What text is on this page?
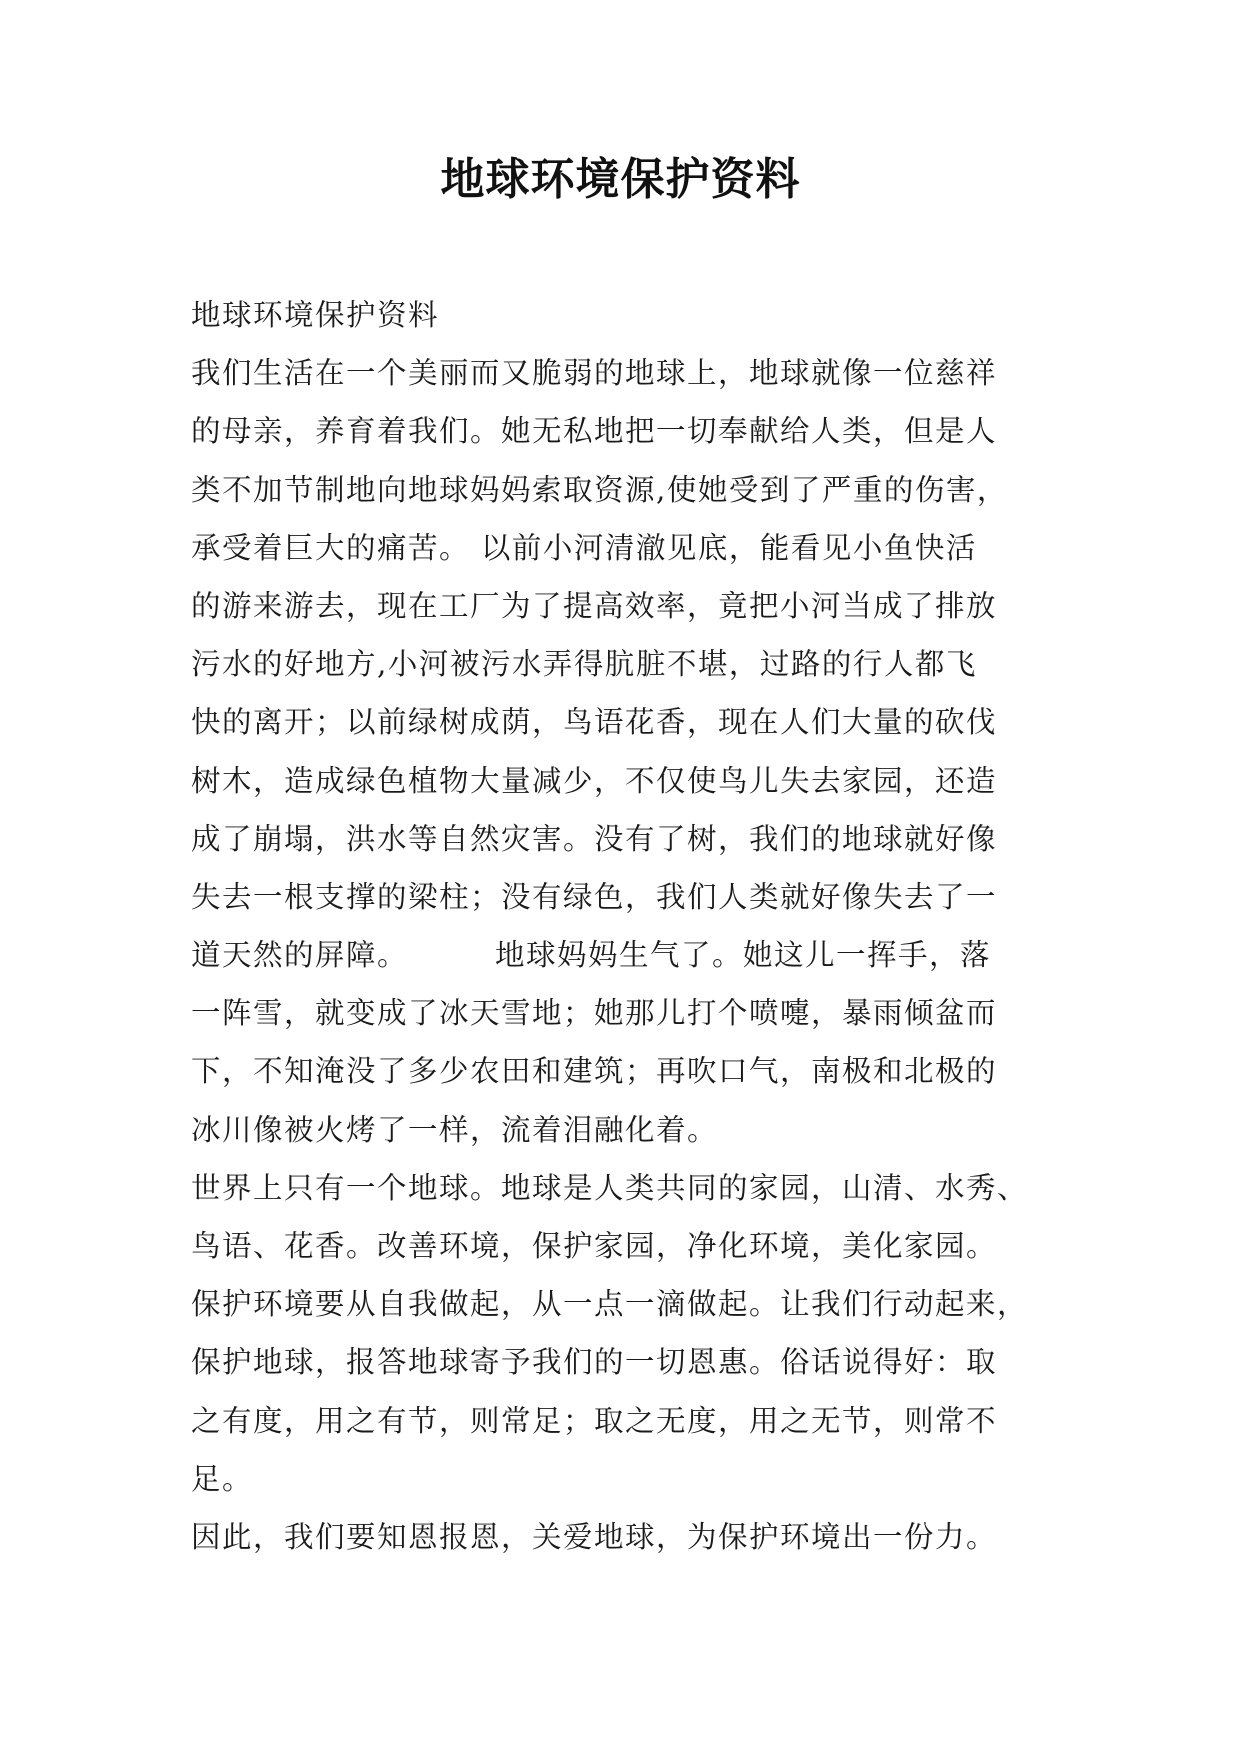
地球环境保护资料
地球环境保护资料
我们生活在一个美丽而又脆弱的地球上，地球就像一位慈祥
的母亲，养育着我们。她无私地把一切奉献给人类，但是人
类不加节制地向地球妈妈索取资源,使她受到了严重的伤害，
承受着巨大的痛苦。 以前小河清澈见底，能看见小鱼快活
的游来游去，现在工厂为了提高效率，竟把小河当成了排放
污水的好地方,小河被污水弄得肮脏不堪，过路的行人都飞
快的离开；以前绿树成荫，鸟语花香，现在人们大量的砍伐
树木，造成绿色植物大量减少，不仅使鸟儿失去家园，还造
成了崩塌，洪水等自然灾害。没有了树，我们的地球就好像
失去一根支撑的梁柱；没有绿色，我们人类就好像失去了一
道天然的屏障。        地球妈妈生气了。她这儿一挥手，落
一阵雪，就变成了冰天雪地；她那儿打个喷嚏，暴雨倾盆而
下，不知淹没了多少农田和建筑；再吹口气，南极和北极的
冰川像被火烤了一样，流着泪融化着。
世界上只有一个地球。地球是人类共同的家园，山清、水秀、
鸟语、花香。改善环境，保护家园，净化环境，美化家园。
保护环境要从自我做起，从一点一滴做起。让我们行动起来，
保护地球，报答地球寄予我们的一切恩惠。俗话说得好：取
之有度，用之有节，则常足；取之无度，用之无节，则常不
足。
因此，我们要知恩报恩，关爱地球，为保护环境出一份力。
